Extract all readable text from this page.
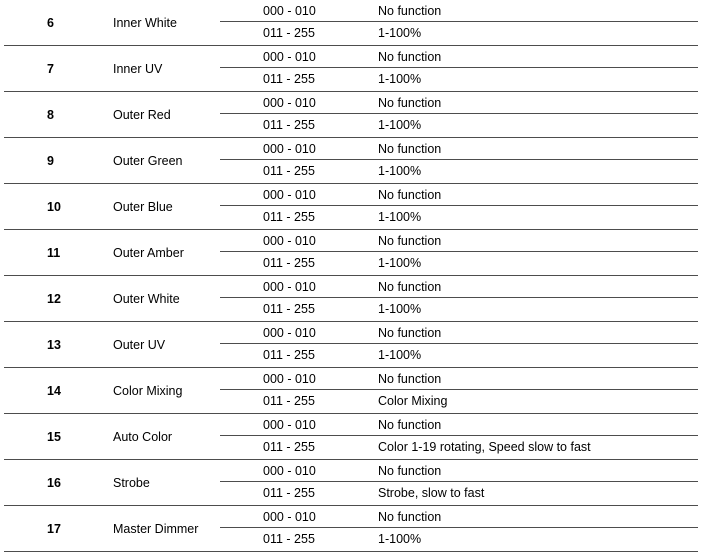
6	Inner White
000 - 010	No function
011 - 255	1-100%
7	Inner UV
000 - 010	No function
011 - 255	1-100%
8	Outer Red
000 - 010	No function
011 - 255	1-100%
9	Outer Green
000 - 010	No function
011 - 255	1-100%
10	Outer Blue
000 - 010	No function
011 - 255	1-100%
11	Outer Amber
000 - 010	No function
011 - 255	1-100%
12	Outer White
000 - 010	No function
011 - 255	1-100%
13	Outer UV
000 - 010	No function
011 - 255	1-100%
14	Color Mixing
000 - 010	No function
011 - 255	Color Mixing
15	Auto Color
000 - 010	No function
011 - 255	Color 1-19 rotating, Speed slow to fast
16	Strobe
000 - 010	No function
011 - 255	Strobe, slow to fast
17	Master Dimmer
000 - 010	No function
011 - 255	1-100%
